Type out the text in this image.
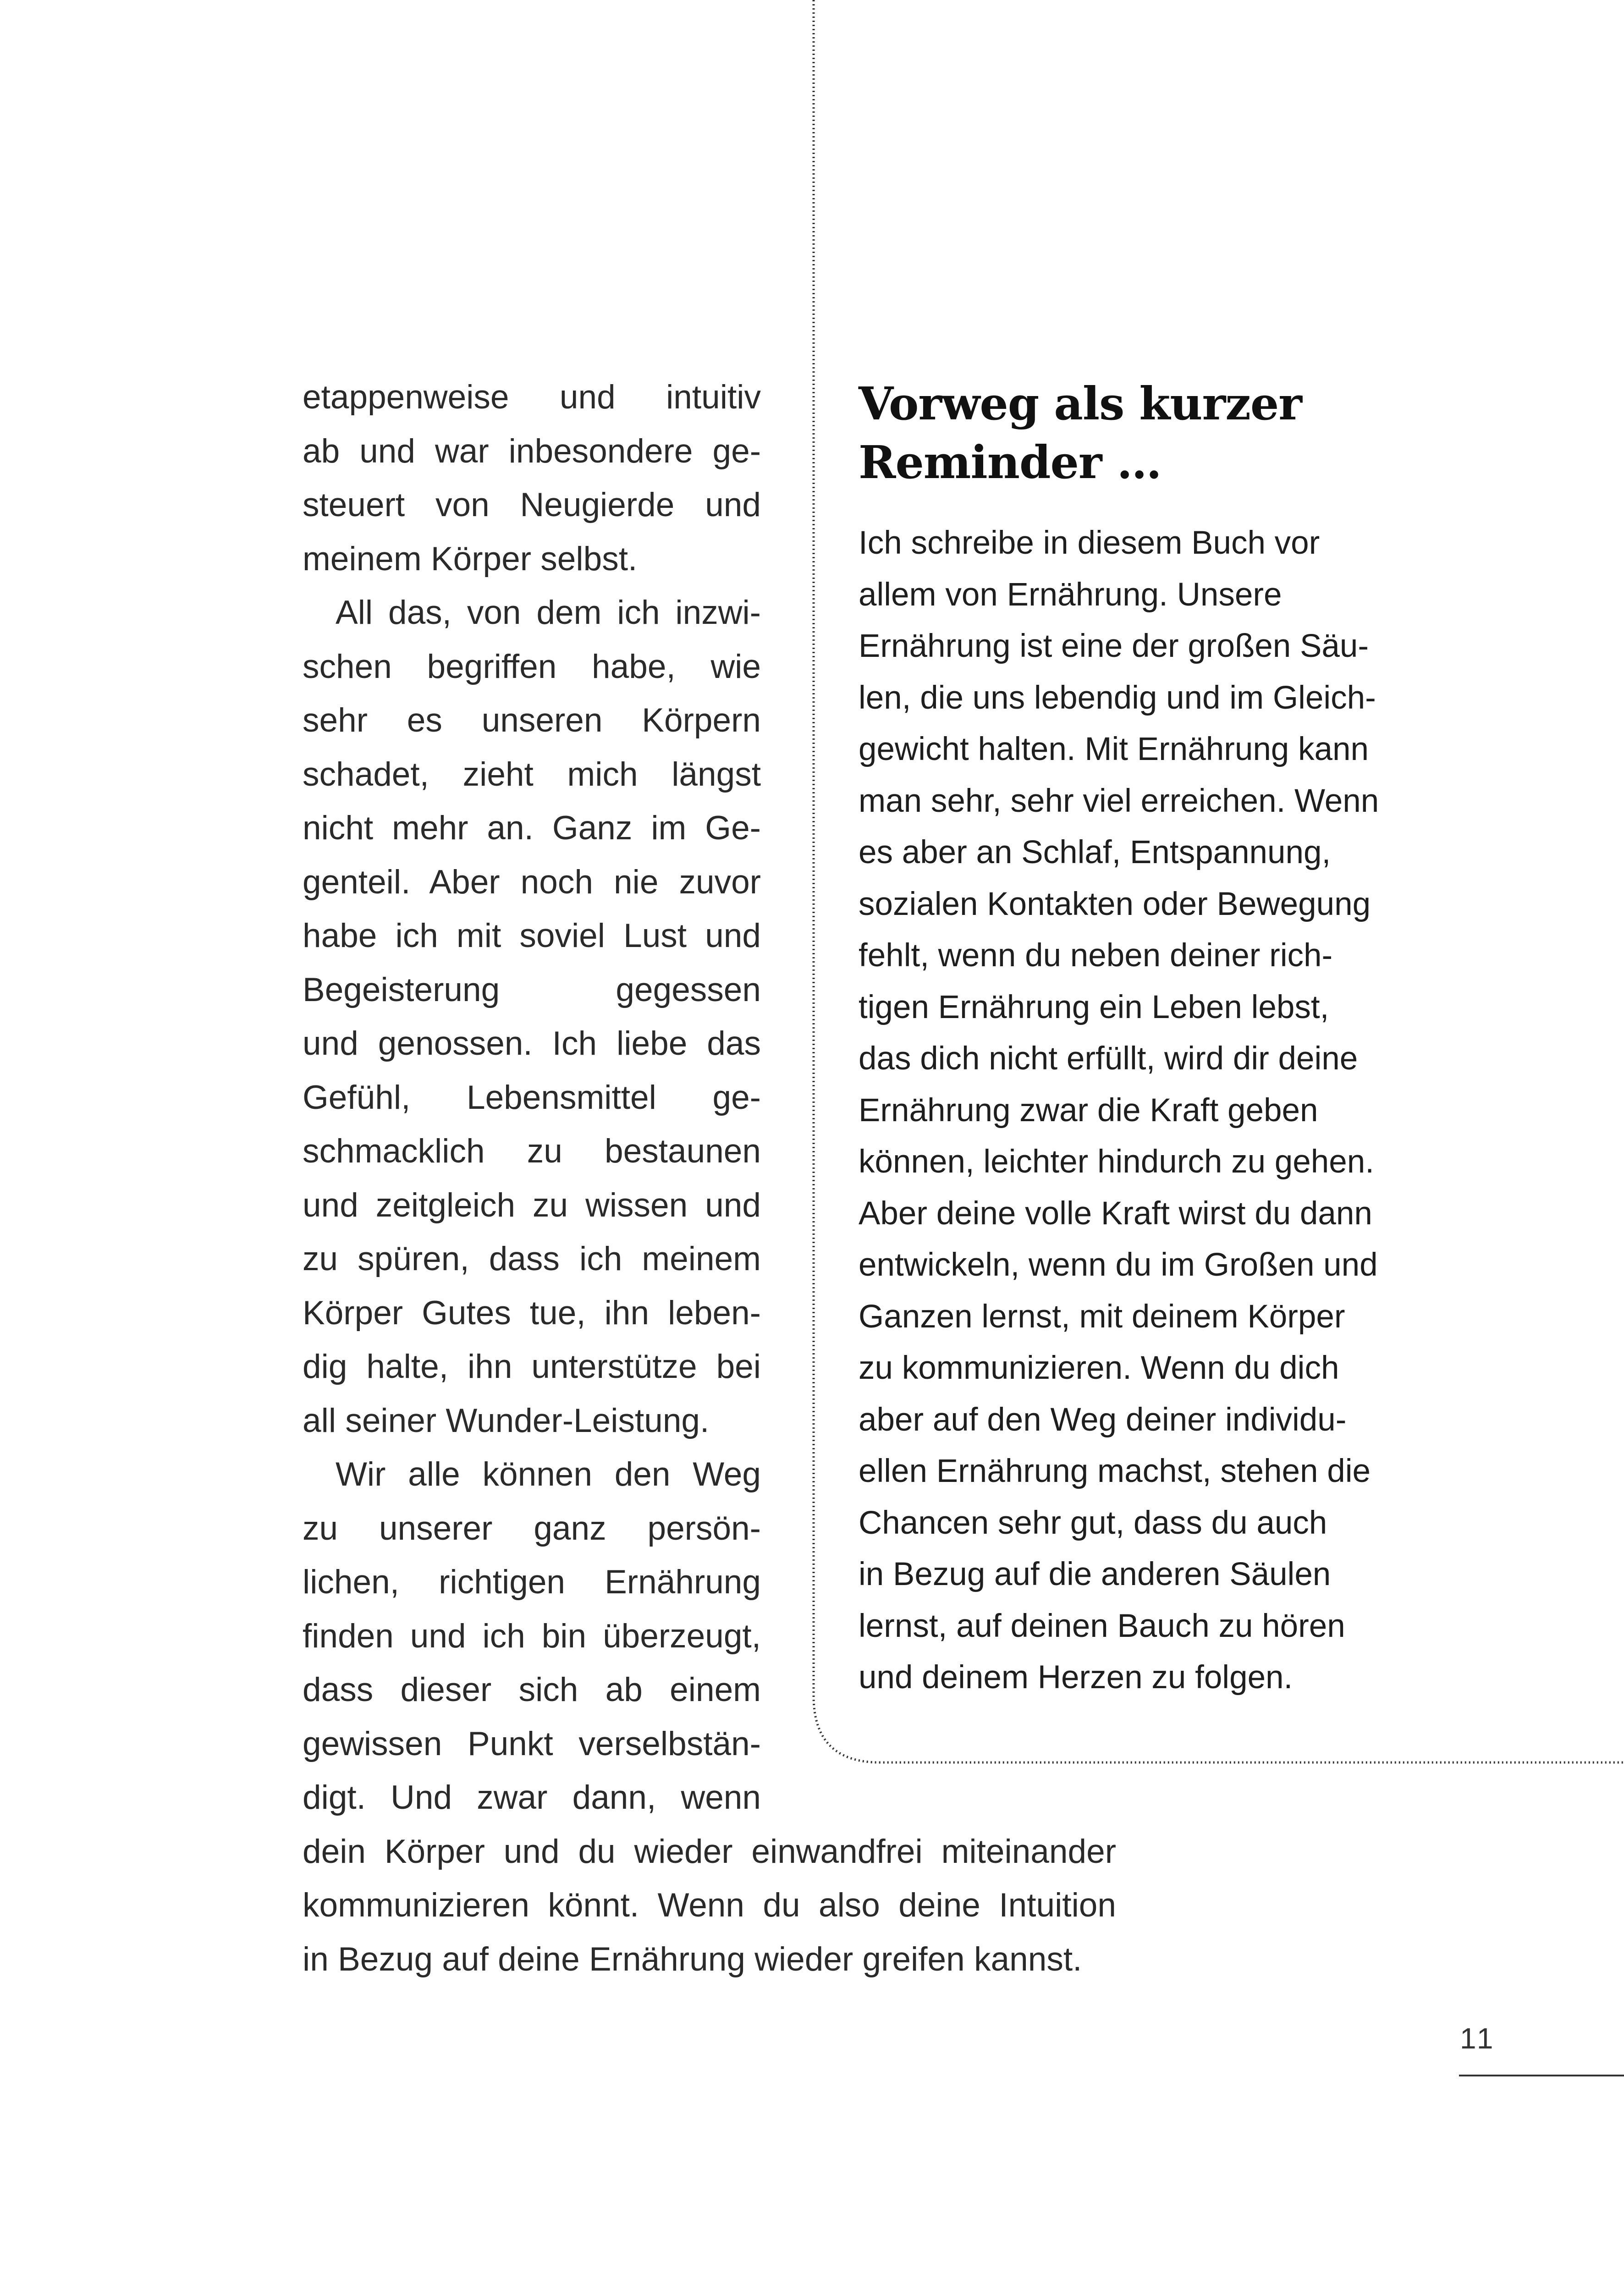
etappenweise und intuitiv
ab und war inbesondere ge-
steuert von Neugierde und
meinem Körper selbst.
All das, von dem ich inzwi-
schen begriffen habe, wie
sehr es unseren Körpern
schadet, zieht mich längst
nicht mehr an. Ganz im Ge-
genteil. Aber noch nie zuvor
habe ich mit soviel Lust und
Begeisterung gegessen
und genossen. Ich liebe das
Gefühl, Lebensmittel ge-
schmacklich zu bestaunen
und zeitgleich zu wissen und
zu spüren, dass ich meinem
Körper Gutes tue, ihn leben-
dig halte, ihn unterstütze bei
all seiner Wunder-Leistung.
Wir alle können den Weg
zu unserer ganz persön-
lichen, richtigen Ernährung
finden und ich bin überzeugt,
dass dieser sich ab einem
gewissen Punkt verselbstän-
digt. Und zwar dann, wenn
dein Körper und du wieder einwandfrei miteinander
kommunizieren könnt. Wenn du also deine Intuition
in Bezug auf deine Ernährung wieder greifen kannst.
Vorweg als kurzer
Reminder …
Ich schreibe in diesem Buch vor
allem von Ernährung. Unsere
Ernährung ist eine der großen Säu-
len, die uns lebendig und im Gleich-
gewicht halten. Mit Ernährung kann
man sehr, sehr viel erreichen. Wenn
es aber an Schlaf, Entspannung,
sozialen Kontakten oder Bewegung
fehlt, wenn du neben deiner rich-
tigen Ernährung ein Leben lebst,
das dich nicht erfüllt, wird dir deine
Ernährung zwar die Kraft geben
können, leichter hindurch zu gehen.
Aber deine volle Kraft wirst du dann
entwickeln, wenn du im Großen und
Ganzen lernst, mit deinem Körper
zu kommunizieren. Wenn du dich
aber auf den Weg deiner individu-
ellen Ernährung machst, stehen die
Chancen sehr gut, dass du auch
in Bezug auf die anderen Säulen
lernst, auf deinen Bauch zu hören
und deinem Herzen zu folgen.
11
